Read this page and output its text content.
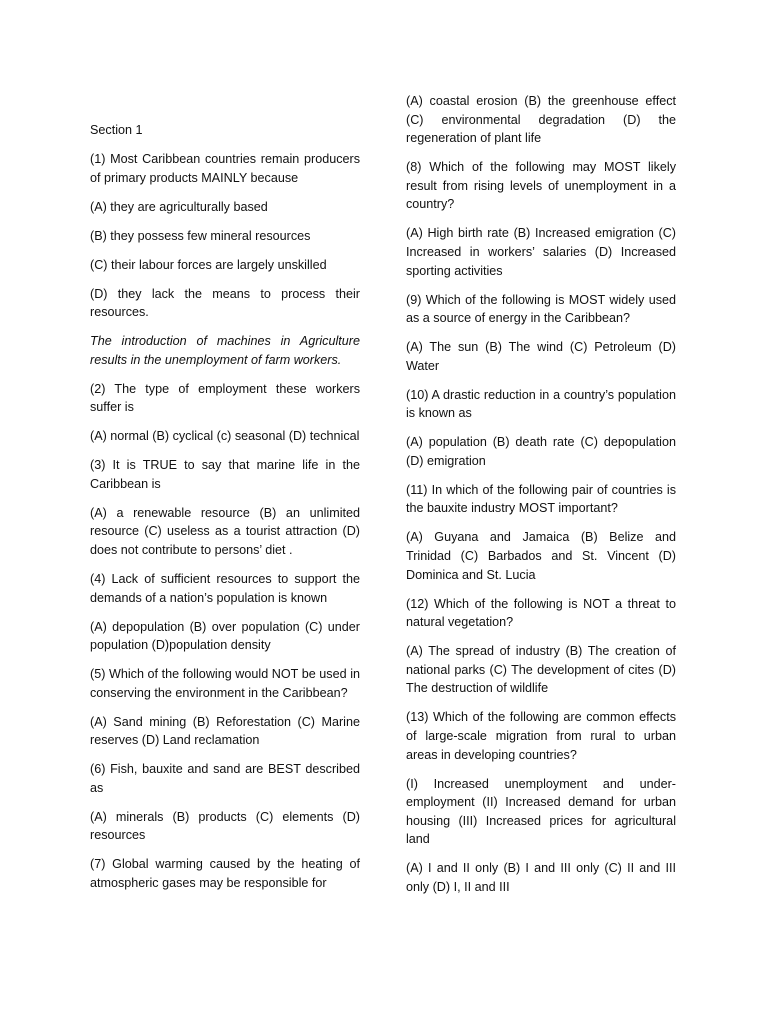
Section 1

(1) Most Caribbean countries remain producers of primary products MAINLY because

(A) they are agriculturally based

(B) they possess few mineral resources

(C) their labour forces are largely unskilled

(D) they lack the means to process their resources.

The introduction of machines in Agriculture results in the unemployment of farm workers.

(2) The type of employment these workers suffer is

(A) normal (B) cyclical (c) seasonal (D) technical

(3) It is TRUE to say that marine life in the Caribbean is

(A) a renewable resource (B) an unlimited resource (C) useless as a tourist attraction (D) does not contribute to persons’ diet .

(4) Lack of sufficient resources to support the demands of a nation’s population is known

(A) depopulation (B) over population (C) under population (D)population density

(5) Which of the following would NOT be used in conserving the environment in the Caribbean?

(A) Sand mining (B) Reforestation (C) Marine reserves (D) Land reclamation

(6) Fish, bauxite and sand are BEST described as

(A) minerals (B) products (C) elements (D) resources

(7) Global warming caused by the heating of atmospheric gases may be responsible for

(A) coastal erosion (B) the greenhouse effect (C) environmental degradation (D) the regeneration of plant life

(8) Which of the following may MOST likely result from rising levels of unemployment in a country?

(A) High birth rate (B) Increased emigration (C) Increased in workers’ salaries (D) Increased sporting activities

(9) Which of the following is MOST widely used as a source of energy in the Caribbean?

(A) The sun (B) The wind (C) Petroleum (D) Water

(10) A drastic reduction in a country’s population is known as

(A) population (B) death rate (C) depopulation (D) emigration

(11) In which of the following pair of countries is the bauxite industry MOST important?

(A) Guyana and Jamaica (B) Belize and Trinidad (C) Barbados and St. Vincent (D) Dominica and St. Lucia

(12) Which of the following is NOT a threat to natural vegetation?

(A) The spread of industry (B) The creation of national parks (C) The development of cites (D) The destruction of wildlife

(13) Which of the following are common effects of large-scale migration from rural to urban areas in developing countries?

(I) Increased unemployment and under-employment (II) Increased demand for urban housing (III) Increased prices for agricultural land

(A) I and II only (B) I and III only (C) II and III only (D) I, II and III
